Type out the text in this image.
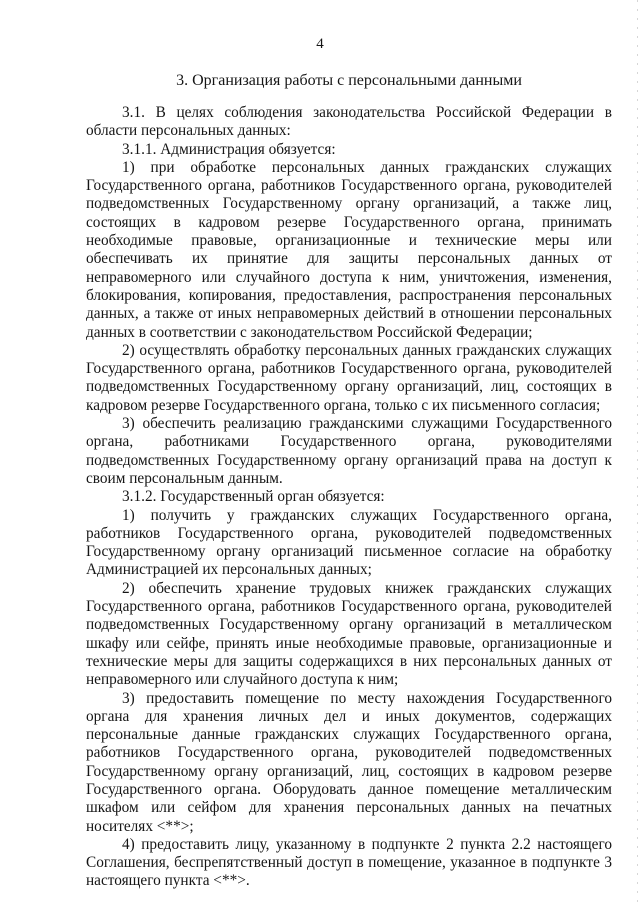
4
3. Организация работы с персональными данными

3.1. В целях соблюдения законодательства Российской Федерации в области персональных данных:

3.1.1. Администрация обязуется:

1) при обработке персональных данных гражданских служащих Государственного органа, работников Государственного органа, руководителей подведомственных Государственному органу организаций, а также лиц, состоящих в кадровом резерве Государственного органа, принимать необходимые правовые, организационные и технические меры или обеспечивать их принятие для защиты персональных данных от неправомерного или случайного доступа к ним, уничтожения, изменения, блокирования, копирования, предоставления, распространения персональных данных, а также от иных неправомерных действий в отношении персональных данных в соответствии с законодательством Российской Федерации;

2) осуществлять обработку персональных данных гражданских служащих Государственного органа, работников Государственного органа, руководителей подведомственных Государственному органу организаций, лиц, состоящих в кадровом резерве Государственного органа, только с их письменного согласия;

3) обеспечить реализацию гражданскими служащими Государственного органа, работниками Государственного органа, руководителями подведомственных Государственному органу организаций права на доступ к своим персональным данным.

3.1.2. Государственный орган обязуется:

1) получить у гражданских служащих Государственного органа, работников Государственного органа, руководителей подведомственных Государственному органу организаций письменное согласие на обработку Администрацией их персональных данных;

2) обеспечить хранение трудовых книжек гражданских служащих Государственного органа, работников Государственного органа, руководителей подведомственных Государственному органу организаций в металлическом шкафу или сейфе, принять иные необходимые правовые, организационные и технические меры для защиты содержащихся в них персональных данных от неправомерного или случайного доступа к ним;

3) предоставить помещение по месту нахождения Государственного органа для хранения личных дел и иных документов, содержащих персональные данные гражданских служащих Государственного органа, работников Государственного органа, руководителей подведомственных Государственному органу организаций, лиц, состоящих в кадровом резерве Государственного органа. Оборудовать данное помещение металлическим шкафом или сейфом для хранения персональных данных на печатных носителях <**>;

4) предоставить лицу, указанному в подпункте 2 пункта 2.2 настоящего Соглашения, беспрепятственный доступ в помещение, указанное в подпункте 3 настоящего пункта <**>.
